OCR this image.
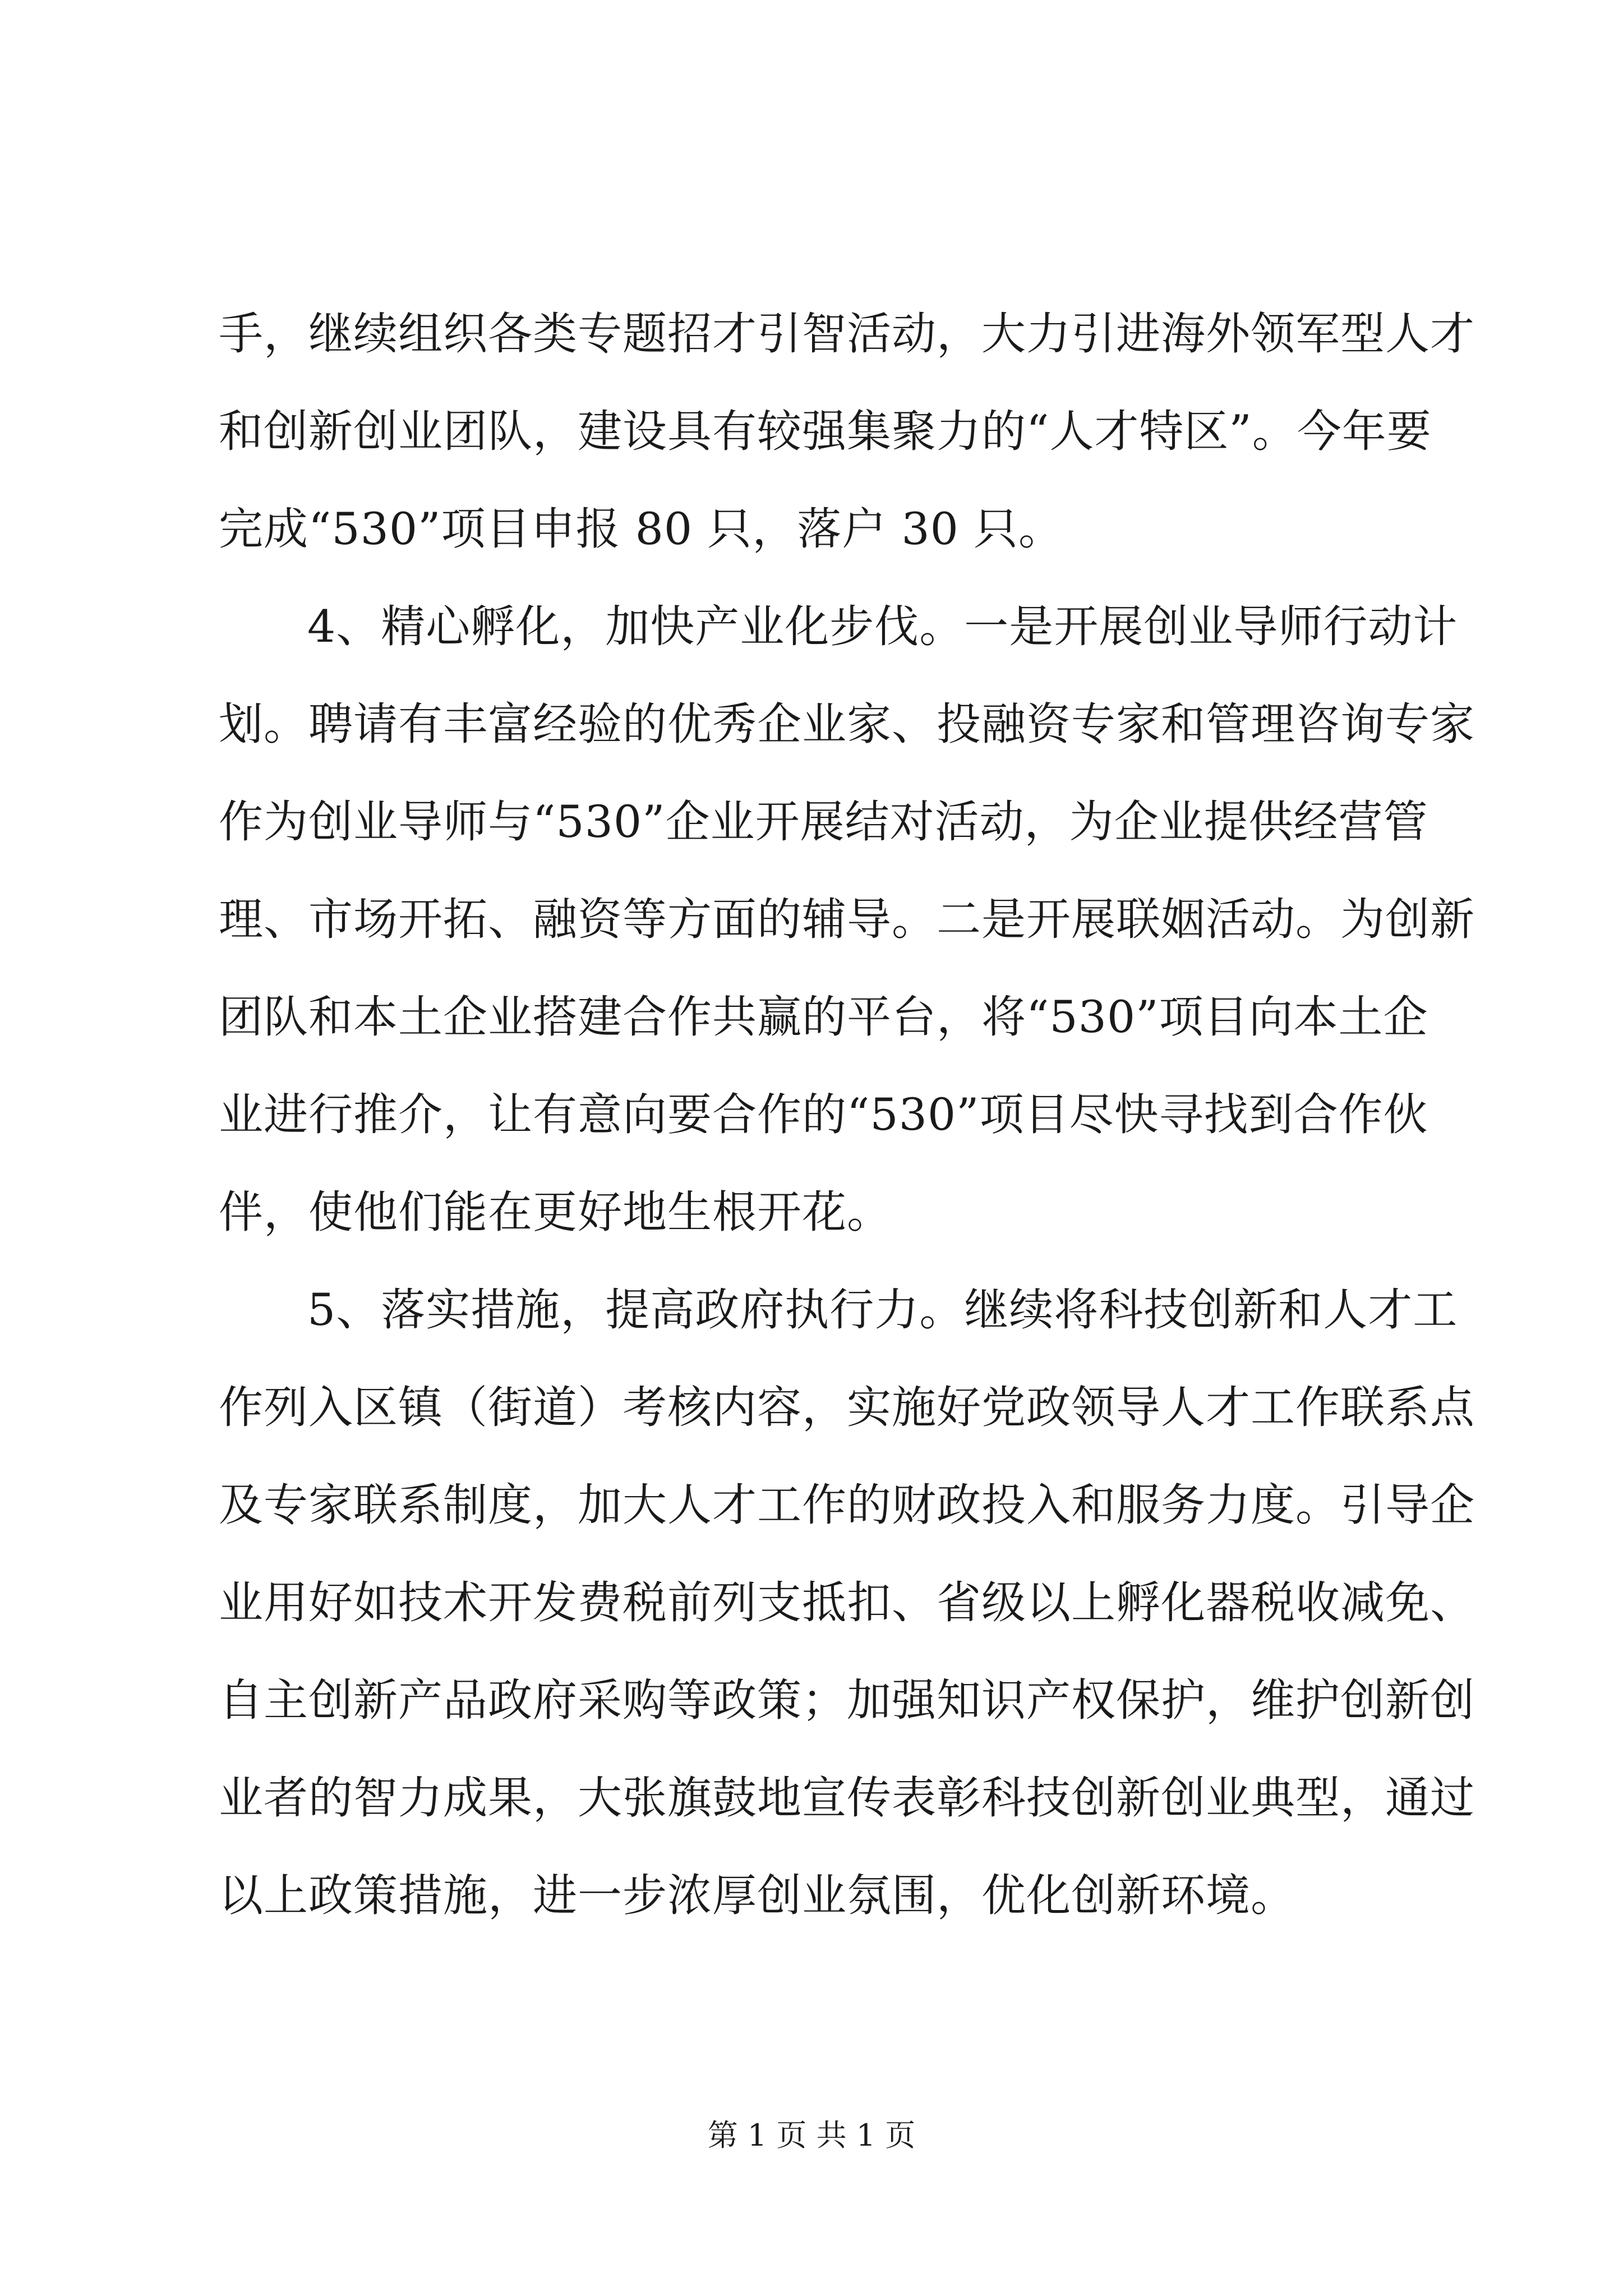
手，继续组织各类专题招才引智活动，大力引进海外领军型人才
和创新创业团队，建设具有较强集聚力的“人才特区”。今年要
完成“530”项目申报 80 只，落户 30 只。
4、精心孵化，加快产业化步伐。一是开展创业导师行动计
划。聘请有丰富经验的优秀企业家、投融资专家和管理咨询专家
作为创业导师与“530”企业开展结对活动，为企业提供经营管
理、市场开拓、融资等方面的辅导。二是开展联姻活动。为创新
团队和本土企业搭建合作共赢的平台，将“530”项目向本土企
业进行推介，让有意向要合作的“530”项目尽快寻找到合作伙
伴，使他们能在更好地生根开花。
5、落实措施，提高政府执行力。继续将科技创新和人才工
作列入区镇（街道）考核内容，实施好党政领导人才工作联系点
及专家联系制度，加大人才工作的财政投入和服务力度。引导企
业用好如技术开发费税前列支抵扣、省级以上孵化器税收减免、
自主创新产品政府采购等政策；加强知识产权保护，维护创新创
业者的智力成果，大张旗鼓地宣传表彰科技创新创业典型，通过
以上政策措施，进一步浓厚创业氛围，优化创新环境。
第 1 页 共 1 页
